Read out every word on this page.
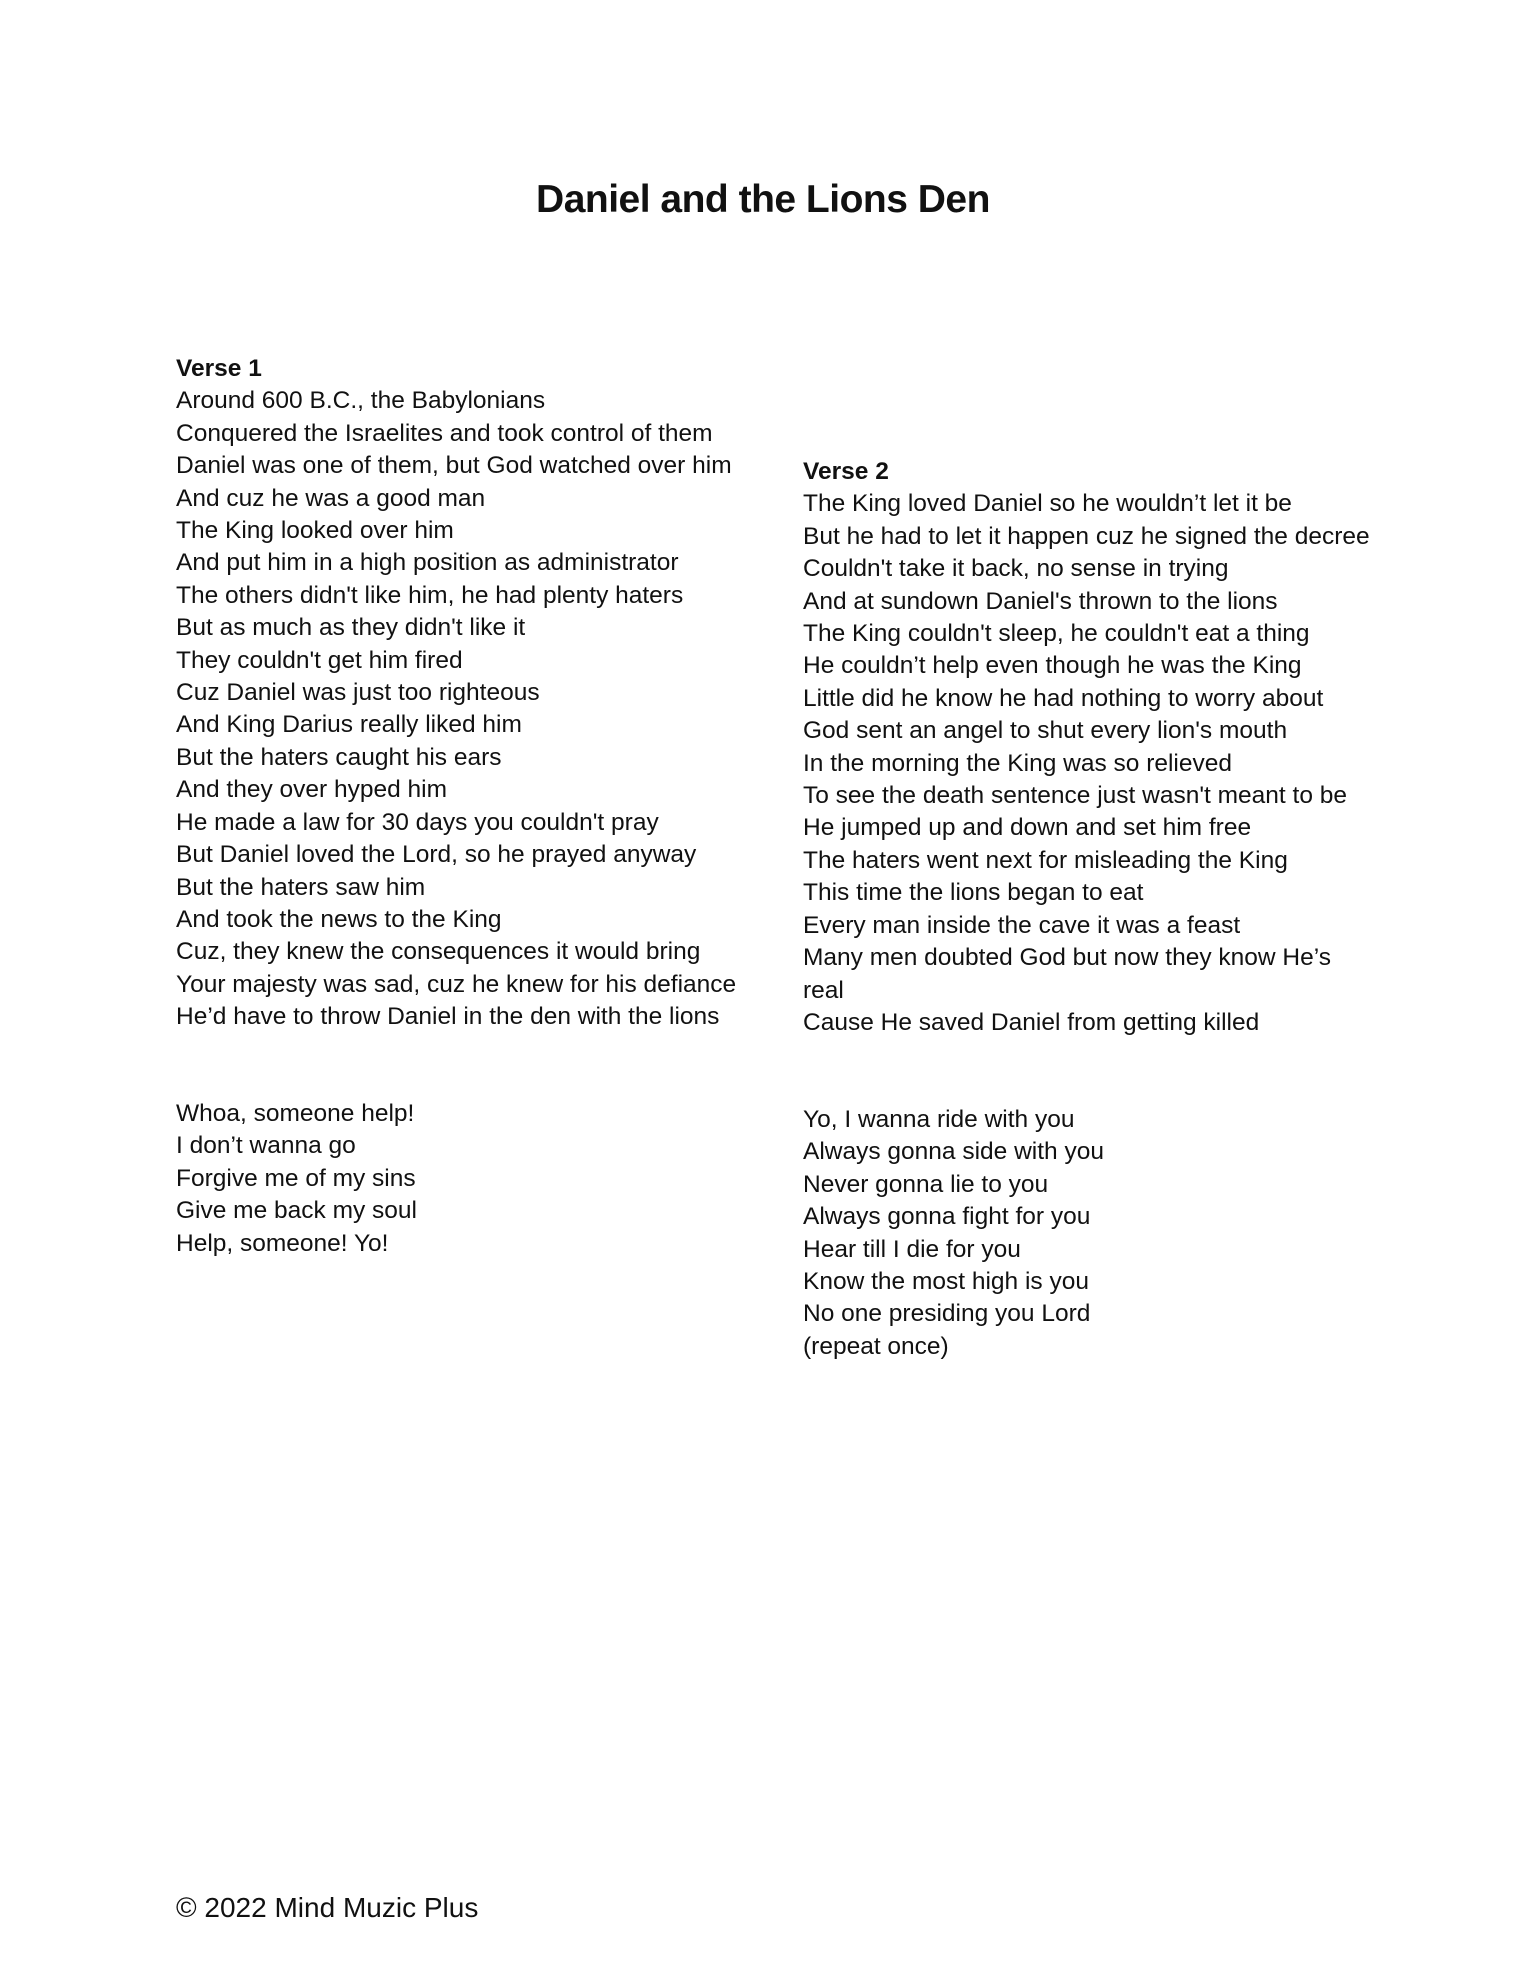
Daniel and the Lions Den
Verse 1
Around 600 B.C., the Babylonians
Conquered the Israelites and took control of them
Daniel was one of them, but God watched over him
And cuz he was a good man
The King looked over him
And put him in a high position as administrator
The others didn't like him, he had plenty haters
But as much as they didn't like it
They couldn't get him fired
Cuz Daniel was just too righteous
And King Darius really liked him
But the haters caught his ears
And they over hyped him
He made a law for 30 days you couldn't pray
But Daniel loved the Lord, so he prayed anyway
But the haters saw him
And took the news to the King
Cuz, they knew the consequences it would bring
Your majesty was sad, cuz he knew for his defiance
He’d have to throw Daniel in the den with the lions
Whoa, someone help!
I don’t wanna go
Forgive me of my sins
Give me back my soul
Help, someone! Yo!
Verse 2
The King loved Daniel so he wouldn’t let it be
But he had to let it happen cuz he signed the decree
Couldn't take it back, no sense in trying
And at sundown Daniel's thrown to the lions
The King couldn't sleep, he couldn't eat a thing
He couldn’t help even though he was the King
Little did he know he had nothing to worry about
God sent an angel to shut every lion's mouth
In the morning the King was so relieved
To see the death sentence just wasn't meant to be
He jumped up and down and set him free
The haters went next for misleading the King
This time the lions began to eat
Every man inside the cave it was a feast
Many men doubted God but now they know He’s
real
Cause He saved Daniel from getting killed
Yo, I wanna ride with you
Always gonna side with you
Never gonna lie to you
Always gonna fight for you
Hear till I die for you
Know the most high is you
No one presiding you Lord
(repeat once)
© 2022 Mind Muzic Plus
